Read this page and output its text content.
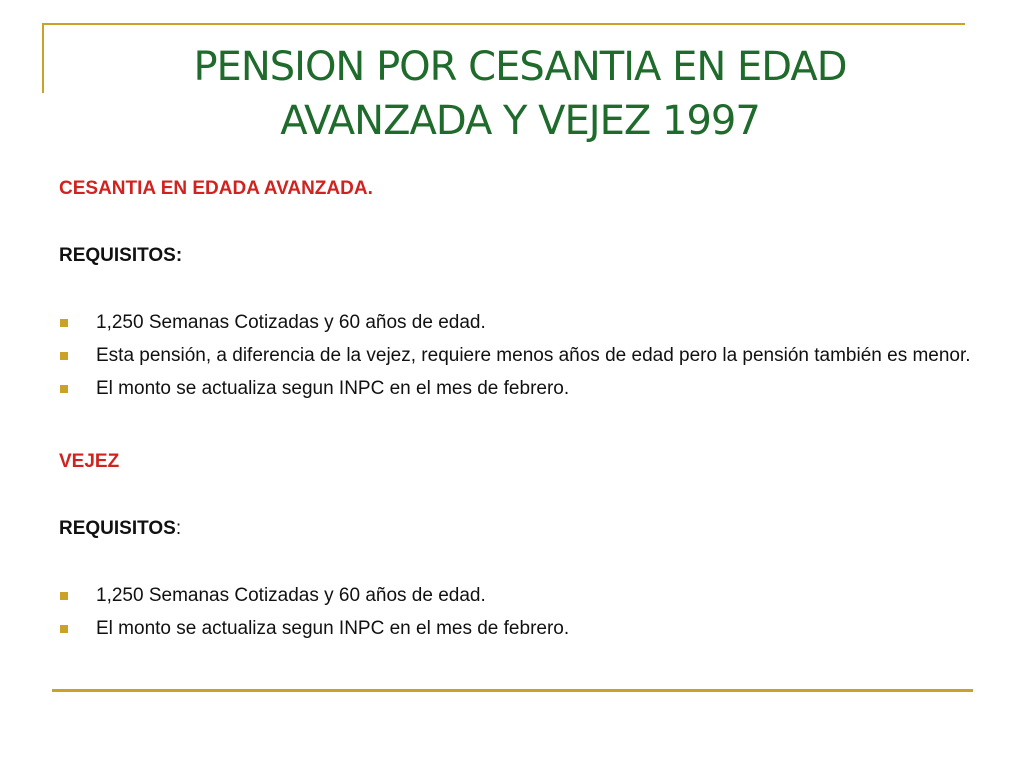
PENSION POR CESANTIA EN EDAD
AVANZADA Y VEJEZ 1997

CESANTIA EN EDADA AVANZADA.

REQUISITOS:

1,250 Semanas Cotizadas y 60 años de edad.
Esta pensión, a diferencia de la vejez, requiere menos años de edad pero la pensión también es menor.
El monto se actualiza segun INPC en el mes de febrero.

VEJEZ

REQUISITOS:

1,250 Semanas Cotizadas y 60 años de edad.
El monto se actualiza segun INPC en el mes de febrero.
